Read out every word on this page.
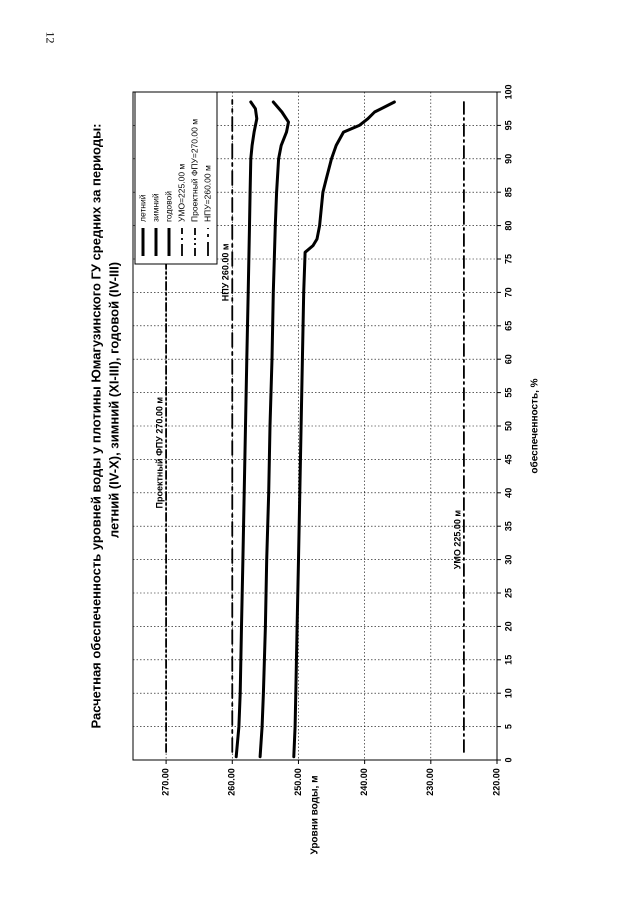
12
0
5
10
15
20
25
30
35
40
45
50
55
60
65
70
75
80
85
90
95
100
220.00
230.00
240.00
250.00
260.00
270.00
обеспеченность, %
Уровни воды, м
Расчетная обеспеченность уровней воды у плотины Юмагузинского ГУ средних за периоды: летний (IV-X), зимний (XI-III), годовой (IV-III)	НПУ 260.00 м
Проектный ФПУ 270.00 м
УМО 225.00 м
летний зимний годовой УМО=225.00 м Проектный ФПУ=270.00 м НПУ=260.00 м
